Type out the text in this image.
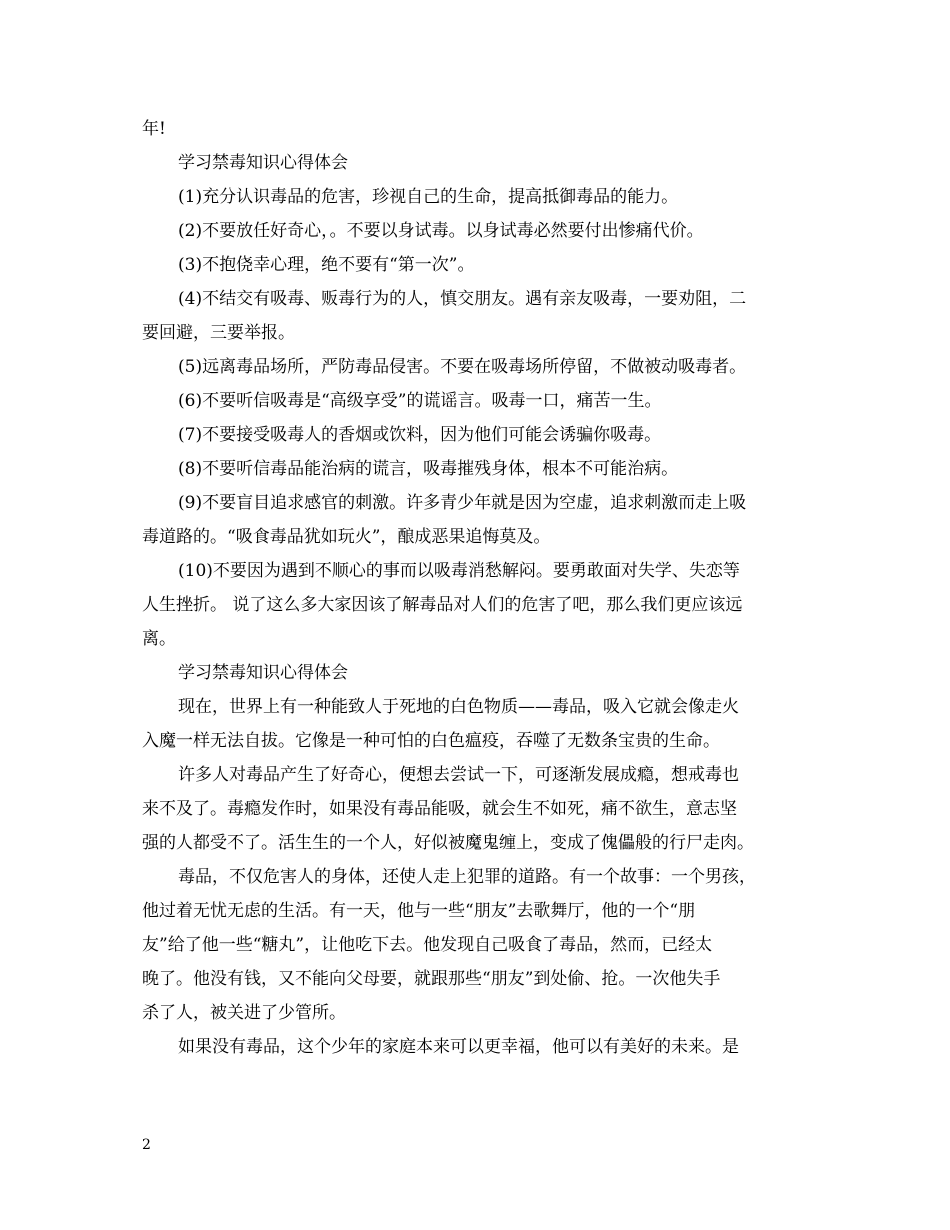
年!
学习禁毒知识心得体会
(1)充分认识毒品的危害，珍视自己的生命，提高抵御毒品的能力。
(2)不要放任好奇心，。不要以身试毒。以身试毒必然要付出惨痛代价。
(3)不抱侥幸心理，绝不要有“第一次”。
(4)不结交有吸毒、贩毒行为的人，慎交朋友。遇有亲友吸毒，一要劝阻，二
要回避，三要举报。
(5)远离毒品场所，严防毒品侵害。不要在吸毒场所停留，不做被动吸毒者。
(6)不要听信吸毒是“高级享受”的谎谣言。吸毒一口，痛苦一生。
(7)不要接受吸毒人的香烟或饮料，因为他们可能会诱骗你吸毒。
(8)不要听信毒品能治病的谎言，吸毒摧残身体，根本不可能治病。
(9)不要盲目追求感官的刺激。许多青少年就是因为空虚，追求刺激而走上吸
毒道路的。“吸食毒品犹如玩火”，酿成恶果追悔莫及。
(10)不要因为遇到不顺心的事而以吸毒消愁解闷。要勇敢面对失学、失恋等
人生挫折。 说了这么多大家因该了解毒品对人们的危害了吧，那么我们更应该远
离。
学习禁毒知识心得体会
现在，世界上有一种能致人于死地的白色物质——毒品，吸入它就会像走火
入魔一样无法自拔。它像是一种可怕的白色瘟疫，吞噬了无数条宝贵的生命。
许多人对毒品产生了好奇心，便想去尝试一下，可逐渐发展成瘾，想戒毒也
来不及了。毒瘾发作时，如果没有毒品能吸，就会生不如死，痛不欲生，意志坚
强的人都受不了。活生生的一个人，好似被魔鬼缠上，变成了傀儡般的行尸走肉。
毒品，不仅危害人的身体，还使人走上犯罪的道路。有一个故事：一个男孩，
他过着无忧无虑的生活。有一天，他与一些“朋友”去歌舞厅，他的一个“朋
友”给了他一些“糖丸”，让他吃下去。他发现自己吸食了毒品，然而，已经太
晚了。他没有钱，又不能向父母要，就跟那些“朋友”到处偷、抢。一次他失手
杀了人，被关进了少管所。
如果没有毒品，这个少年的家庭本来可以更幸福，他可以有美好的未来。是
2
